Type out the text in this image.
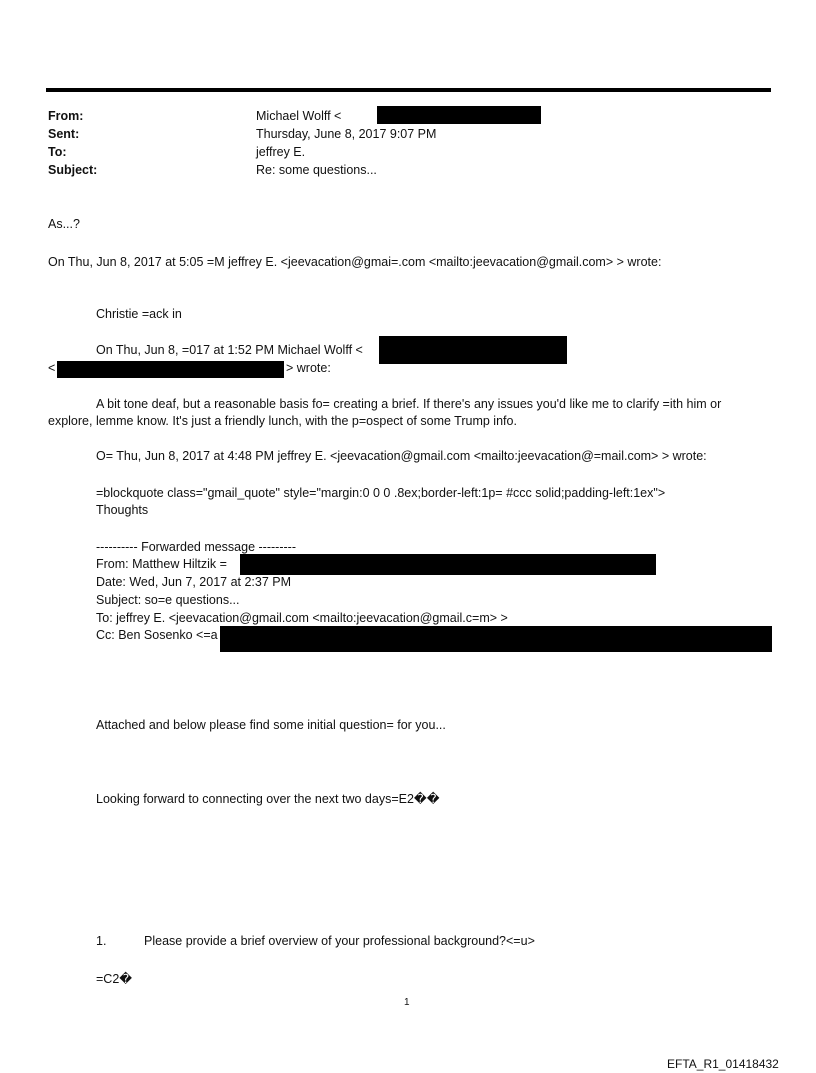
From:	Michael Wolff <
Sent:	Thursday, June 8, 2017 9:07 PM
To:	jeffrey E.
Subject:	Re: some questions...
As...?
On Thu, Jun 8, 2017 at 5:05 =M jeffrey E. <jeevacation@gmai=.com <mailto:jeevacation@gmail.com> > wrote:
Christie =ack in
On Thu, Jun 8, =017 at 1:52 PM Michael Wolff <
<	> wrote:
A bit tone deaf, but a reasonable basis fo= creating a brief. If there's any issues you'd like me to clarify =ith him or explore, lemme know. It's just a friendly lunch, with the p=ospect of some Trump info.
O= Thu, Jun 8, 2017 at 4:48 PM jeffrey E. <jeevacation@gmail.com <mailto:jeevacation@=mail.com> > wrote:
=blockquote class="gmail_quote" style="margin:0 0 0 .8ex;border-left:1p= #ccc solid;padding-left:1ex">
Thoughts
---------- Forwarded message ---------
From: Matthew Hiltzik =
Date: Wed, Jun 7, 2017 at 2:37 PM
Subject: so=e questions...
To: jeffrey E. <jeevacation@gmail.com <mailto:jeevacation@gmail.c=m> >
Cc: Ben Sosenko <=a
Attached and below please find some initial question= for you...
Looking forward to connecting over the next two days=E2��
1.	Please provide a brief overview of your professional background?<=u>
=C2�
1
EFTA_R1_01418432
